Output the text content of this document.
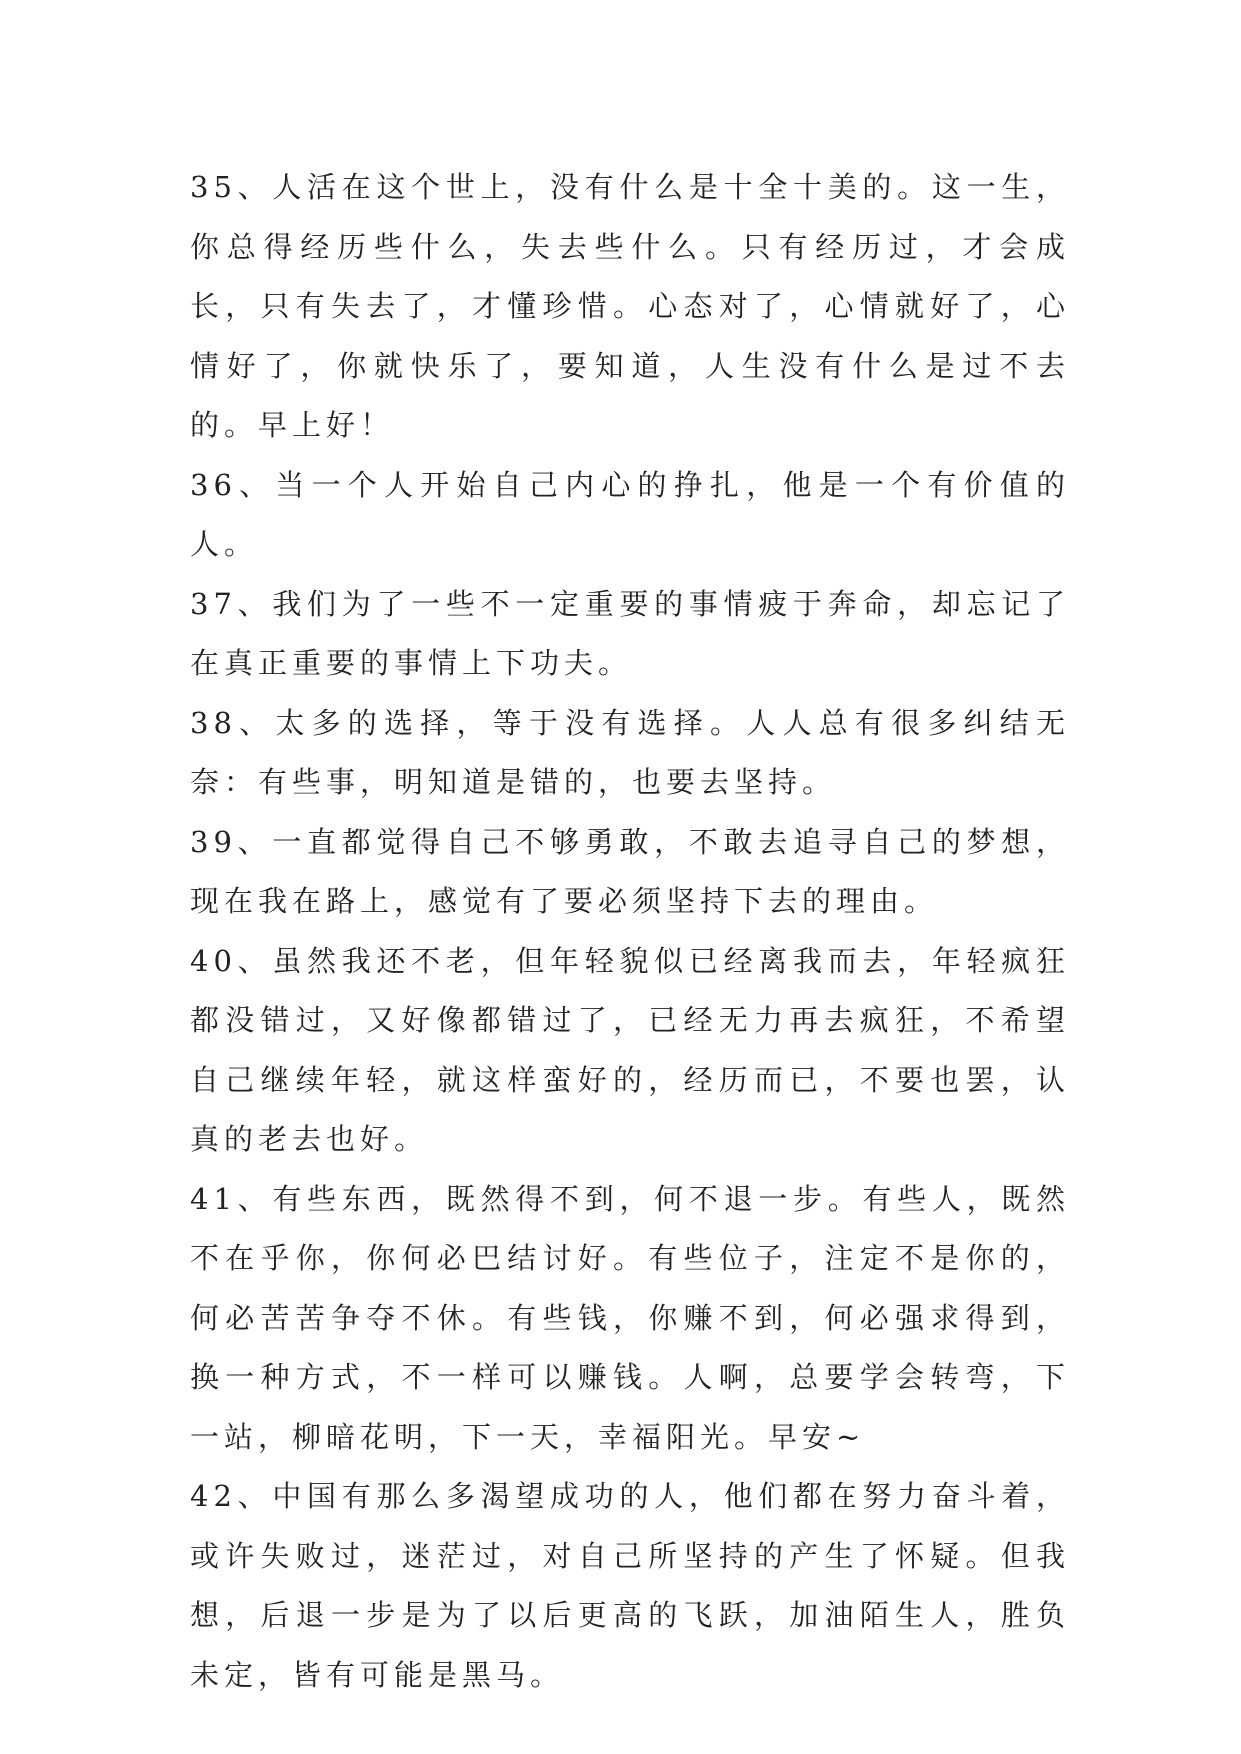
35、人活在这个世上，没有什么是十全十美的。这一生，你总得经历些什么，失去些什么。只有经历过，才会成长，只有失去了，才懂珍惜。心态对了，心情就好了，心情好了，你就快乐了，要知道，人生没有什么是过不去的。早上好！

36、当一个人开始自己内心的挣扎，他是一个有价值的人。

37、我们为了一些不一定重要的事情疲于奔命，却忘记了在真正重要的事情上下功夫。

38、太多的选择，等于没有选择。人人总有很多纠结无奈：有些事，明知道是错的，也要去坚持。

39、一直都觉得自己不够勇敢，不敢去追寻自己的梦想，现在我在路上，感觉有了要必须坚持下去的理由。

40、虽然我还不老，但年轻貌似已经离我而去，年轻疯狂都没错过，又好像都错过了，已经无力再去疯狂，不希望自己继续年轻，就这样蛮好的，经历而已，不要也罢，认真的老去也好。

41、有些东西，既然得不到，何不退一步。有些人，既然不在乎你，你何必巴结讨好。有些位子，注定不是你的，何必苦苦争夺不休。有些钱，你赚不到，何必强求得到，换一种方式，不一样可以赚钱。人啊，总要学会转弯，下一站，柳暗花明，下一天，幸福阳光。早安~

42、中国有那么多渴望成功的人，他们都在努力奋斗着，或许失败过，迷茫过，对自己所坚持的产生了怀疑。但我想，后退一步是为了以后更高的飞跃，加油陌生人，胜负未定，皆有可能是黑马。
